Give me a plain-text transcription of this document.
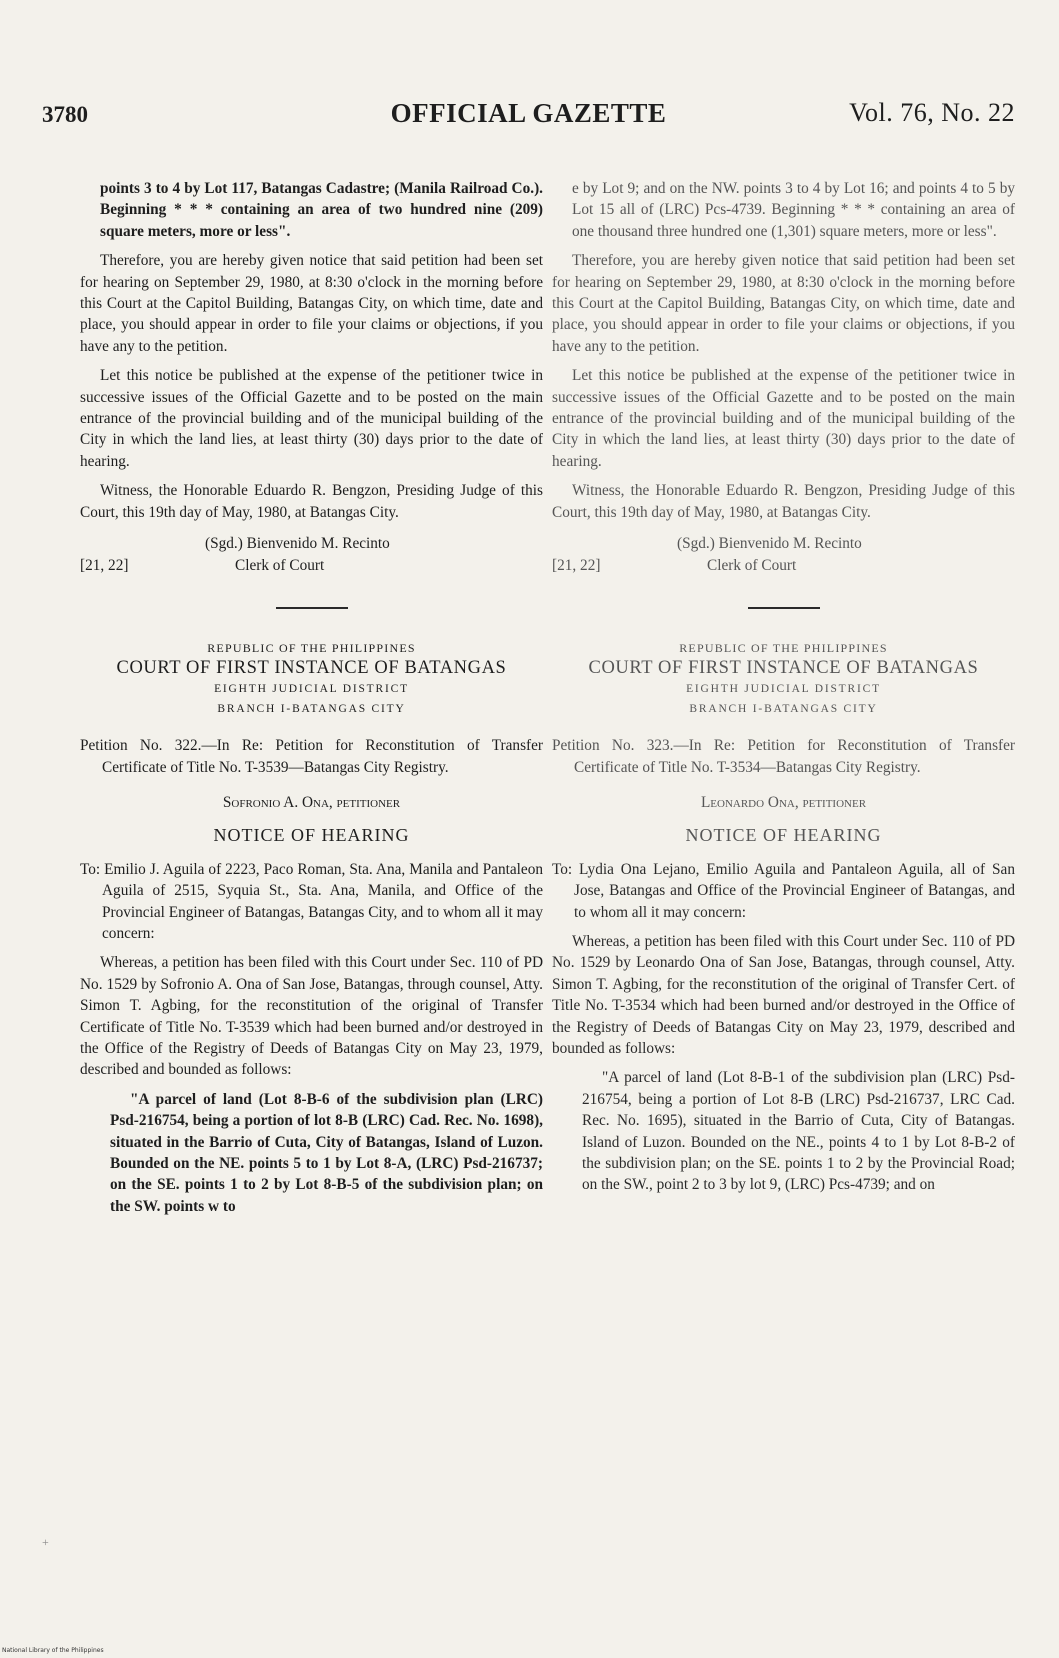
3780	OFFICIAL GAZETTE	Vol. 76, No. 22

points 3 to 4 by Lot 117, Batangas Cadastre; (Manila Railroad Co.). Beginning * * * containing an area of two hundred nine (209) square meters, more or less".

Therefore, you are hereby given notice that said petition had been set for hearing on September 29, 1980, at 8:30 o'clock in the morning before this Court at the Capitol Building, Batangas City, on which time, date and place, you should appear in order to file your claims or objections, if you have any to the petition.

Let this notice be published at the expense of the petitioner twice in successive issues of the Official Gazette and to be posted on the main entrance of the provincial building and of the municipal building of the City in which the land lies, at least thirty (30) days prior to the date of hearing.

Witness, the Honorable Eduardo R. Bengzon, Presiding Judge of this Court, this 19th day of May, 1980, at Batangas City.

(Sgd.) Bienvenido M. Recinto
[21, 22]	Clerk of Court
REPUBLIC OF THE PHILIPPINES
COURT OF FIRST INSTANCE OF BATANGAS
EIGHTH JUDICIAL DISTRICT
BRANCH I-BATANGAS CITY

Petition No. 322.—In Re: Petition for Reconstitution of Transfer Certificate of Title No. T-3539—Batangas City Registry.

Sofronio A. Ona, petitioner
NOTICE OF HEARING

To: Emilio J. Aguila of 2223, Paco Roman, Sta. Ana, Manila and Pantaleon Aguila of 2515, Syquia St., Sta. Ana, Manila, and Office of the Provincial Engineer of Batangas, Batangas City, and to whom all it may concern:

Whereas, a petition has been filed with this Court under Sec. 110 of PD No. 1529 by Sofronio A. Ona of San Jose, Batangas, through counsel, Atty. Simon T. Agbing, for the reconstitution of the original of Transfer Certificate of Title No. T-3539 which had been burned and/or destroyed in the Office of the Registry of Deeds of Batangas City on May 23, 1979, described and bounded as follows:

"A parcel of land (Lot 8-B-6 of the subdivision plan (LRC) Psd-216754, being a portion of lot 8-B (LRC) Cad. Rec. No. 1698), situated in the Barrio of Cuta, City of Batangas, Island of Luzon. Bounded on the NE. points 5 to 1 by Lot 8-A, (LRC) Psd-216737; on the SE. points 1 to 2 by Lot 8-B-5 of the subdivision plan; on the SW. points w to

e by Lot 9; and on the NW. points 3 to 4 by Lot 16; and points 4 to 5 by Lot 15 all of (LRC) Pcs-4739. Beginning * * * containing an area of one thousand three hundred one (1,301) square meters, more or less".

Therefore, you are hereby given notice that said petition had been set for hearing on September 29, 1980, at 8:30 o'clock in the morning before this Court at the Capitol Building, Batangas City, on which time, date and place, you should appear in order to file your claims or objections, if you have any to the petition.

Let this notice be published at the expense of the petitioner twice in successive issues of the Official Gazette and to be posted on the main entrance of the provincial building and of the municipal building of the City in which the land lies, at least thirty (30) days prior to the date of hearing.

Witness, the Honorable Eduardo R. Bengzon, Presiding Judge of this Court, this 19th day of May, 1980, at Batangas City.

(Sgd.) Bienvenido M. Recinto
[21, 22]	Clerk of Court
REPUBLIC OF THE PHILIPPINES
COURT OF FIRST INSTANCE OF BATANGAS
EIGHTH JUDICIAL DISTRICT
BRANCH I-BATANGAS CITY

Petition No. 323.—In Re: Petition for Reconstitution of Transfer Certificate of Title No. T-3534—Batangas City Registry.

Leonardo Ona, petitioner
NOTICE OF HEARING

To: Lydia Ona Lejano, Emilio Aguila and Pantaleon Aguila, all of San Jose, Batangas and Office of the Provincial Engineer of Batangas, and to whom all it may concern:

Whereas, a petition has been filed with this Court under Sec. 110 of PD No. 1529 by Leonardo Ona of San Jose, Batangas, through counsel, Atty. Simon T. Agbing, for the reconstitution of the original of Transfer Cert. of Title No. T-3534 which had been burned and/or destroyed in the Office of the Registry of Deeds of Batangas City on May 23, 1979, described and bounded as follows:

"A parcel of land (Lot 8-B-1 of the subdivision plan (LRC) Psd-216754, being a portion of Lot 8-B (LRC) Psd-216737, LRC Cad. Rec. No. 1695), situated in the Barrio of Cuta, City of Batangas. Island of Luzon. Bounded on the NE., points 4 to 1 by Lot 8-B-2 of the subdivision plan; on the SE. points 1 to 2 by the Provincial Road; on the SW., point 2 to 3 by lot 9, (LRC) Pcs-4739; and on

+
National Library of the Philippines
